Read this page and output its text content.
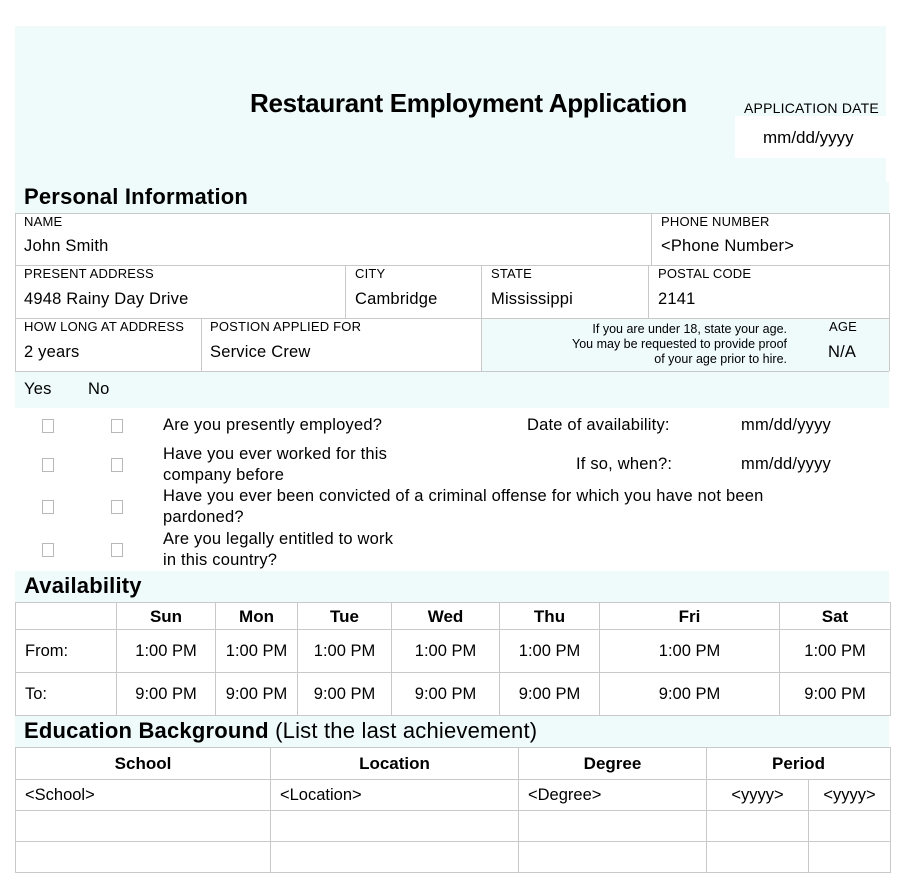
Restaurant Employment Application	APPLICATION DATE
mm/dd/yyyy
Personal Information
NAME
John Smith
PHONE NUMBER
<Phone Number>
PRESENT ADDRESS
4948 Rainy Day Drive
CITY
Cambridge
STATE
Mississippi
POSTAL CODE
2141
HOW LONG AT ADDRESS
2 years
POSTION APPLIED FOR
Service Crew
If you are under 18, state your age.
You may be requested to provide proof
of your age prior to hire.
AGE
N/A
Yes No
Are you presently employed?	Date of availability:	mm/dd/yyyy
Have you ever worked for this
company before
If so, when?:	mm/dd/yyyy
Have you ever been convicted of a criminal offense for which you have not been
pardoned?
Are you legally entitled to work
in this country?
Availability
	Sun	Mon	Tue	Wed	Thu	Fri	Sat
From:	1:00 PM	1:00 PM	1:00 PM	1:00 PM	1:00 PM	1:00 PM	1:00 PM
To:	9:00 PM	9:00 PM	9:00 PM	9:00 PM	9:00 PM	9:00 PM	9:00 PM
Education Background (List the last achievement)
School	Location	Degree	Period	
<School>	<Location>	<Degree>	<yyyy>	<yyyy>
